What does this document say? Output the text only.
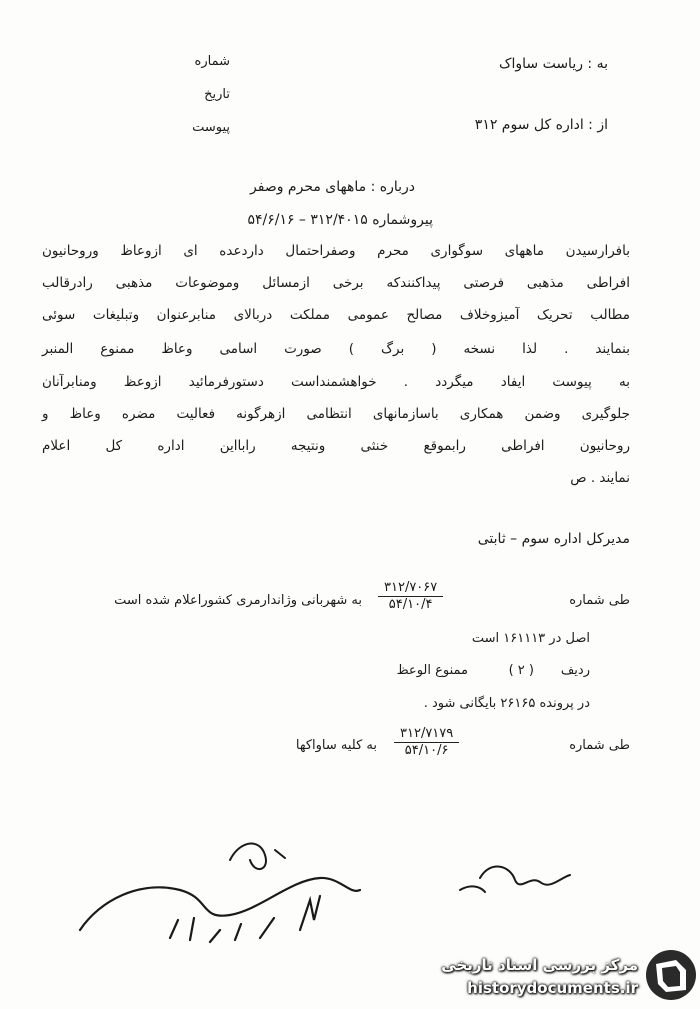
به : ریاست ساواک
از : اداره کل سوم ۳۱۲
شماره
تاریخ
پیوست
درباره : ماههای محرم وصفر
پیروشماره ۳۱۲/۴۰۱۵ – ۵۴/۶/۱۶
بافرارسیدن ماههای سوگواری محرم وصفراحتمال داردعده ای ازوعاظ وروحانیون
افراطی مذهبی فرصتی پیداکنندکه برخی ازمسائل وموضوعات مذهبی رادرقالب
مطالب تحریک آمیزوخلاف مصالح عمومی مملکت دربالای منابرعنوان وتبلیغات سوئی
بنمایند . لذا نسخه ( برگ ) صورت اسامی وعاظ ممنوع المنبر
به پیوست ایفاد میگردد . خواهشمنداست دستورفرمائید ازوعظ ومنابرآنان
جلوگیری وضمن همکاری باسازمانهای انتظامی ازهرگونه فعالیت مضره وعاظ و
روحانیون افراطی رابموقع خنثی ونتیجه رابااین اداره کل اعلام
نمایند . ص
مدیرکل اداره سوم – ثابتی
طی شماره
۳۱۲/۷۰۶۷
۵۴/۱۰/۴
به شهربانی وژاندارمری کشوراعلام شده است
اصل در ۱۶۱۱۱۳ است
ردیف
( ۲ )
ممنوع الوعظ
در پرونده ۲۶۱۶۵ بایگانی شود .
طی شماره
۳۱۲/۷۱۷۹
۵۴/۱۰/۶
به کلیه ساواکها
مرکز بررسی اسناد تاریخی
historydocuments.ir
